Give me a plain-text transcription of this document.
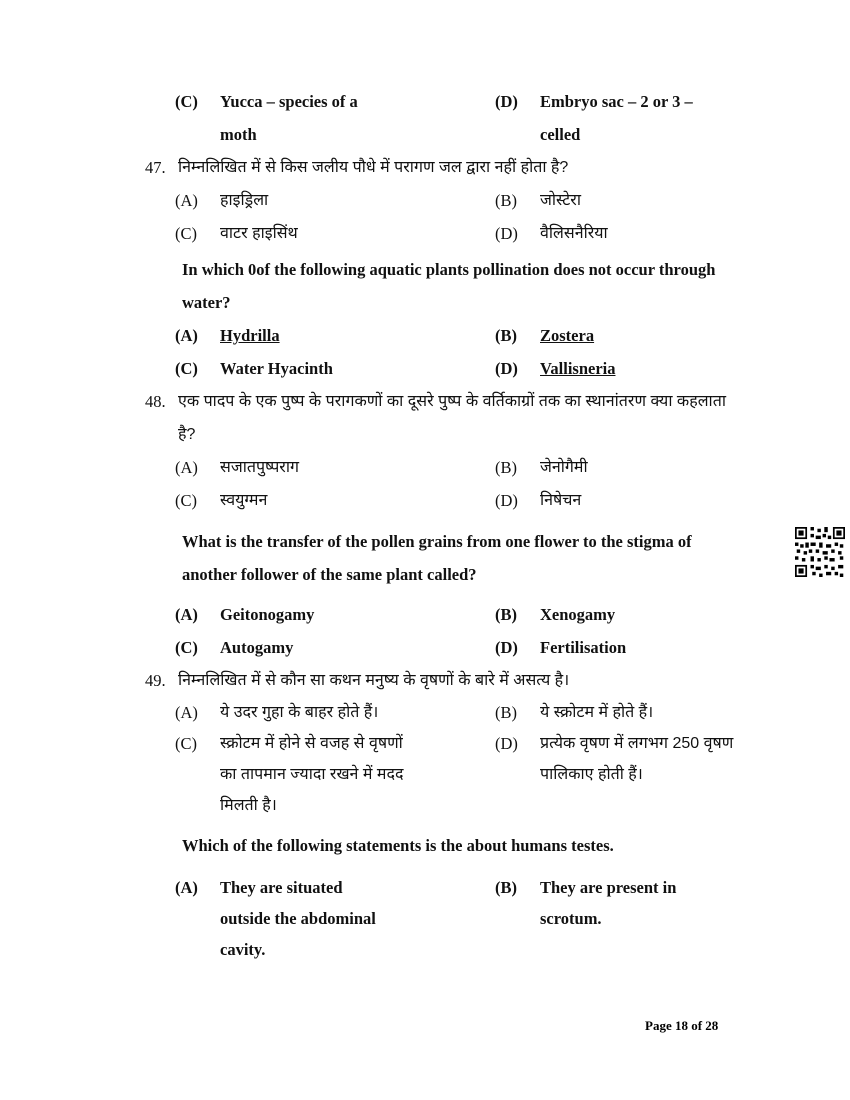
(C)	Yucca – species of a moth
(D)	Embryo sac – 2 or 3 – celled
47. निम्नलिखित में से किस जलीय पौधे में परागण जल द्वारा नहीं होता है?
(A)	हाइड्रिला	(B)	जोस्टेरा
(C)	वाटर हाइसिंथ	(D)	वैलिसनैरिया
In which 0of the following aquatic plants pollination does not occur through water?
(A)	Hydrilla	(B)	Zostera
(C)	Water Hyacinth	(D)	Vallisneria
48. एक पादप के एक पुष्प के परागकणों का दूसरे पुष्प के वर्तिकाग्रों तक का स्थानांतरण क्या कहलाता है?
(A)	सजातपुष्पराग	(B)	जेनोगैमी
(C)	स्वयुग्मन	(D)	निषेचन
What is the transfer of the pollen grains from one flower to the stigma of another follower of the same plant called?
(A)	Geitonogamy	(B)	Xenogamy
(C)	Autogamy	(D)	Fertilisation
49. निम्नलिखित में से कौन सा कथन मनुष्य के वृषणों के बारे में असत्य है।
(A)	ये उदर गुहा के बाहर होते हैं।	(B)	ये स्क्रोटम में होते हैं।
(C)	स्क्रोटम में होने से वजह से वृषणों का तापमान ज्यादा रखने में मदद मिलती है।
(D)	प्रत्येक वृषण में लगभग 250 वृषण पालिकाए होती हैं।
Which of the following statements is the about humans testes.
(A)	They are situated outside the abdominal cavity.
(B)	They are present in scrotum.
Page 18 of 28
